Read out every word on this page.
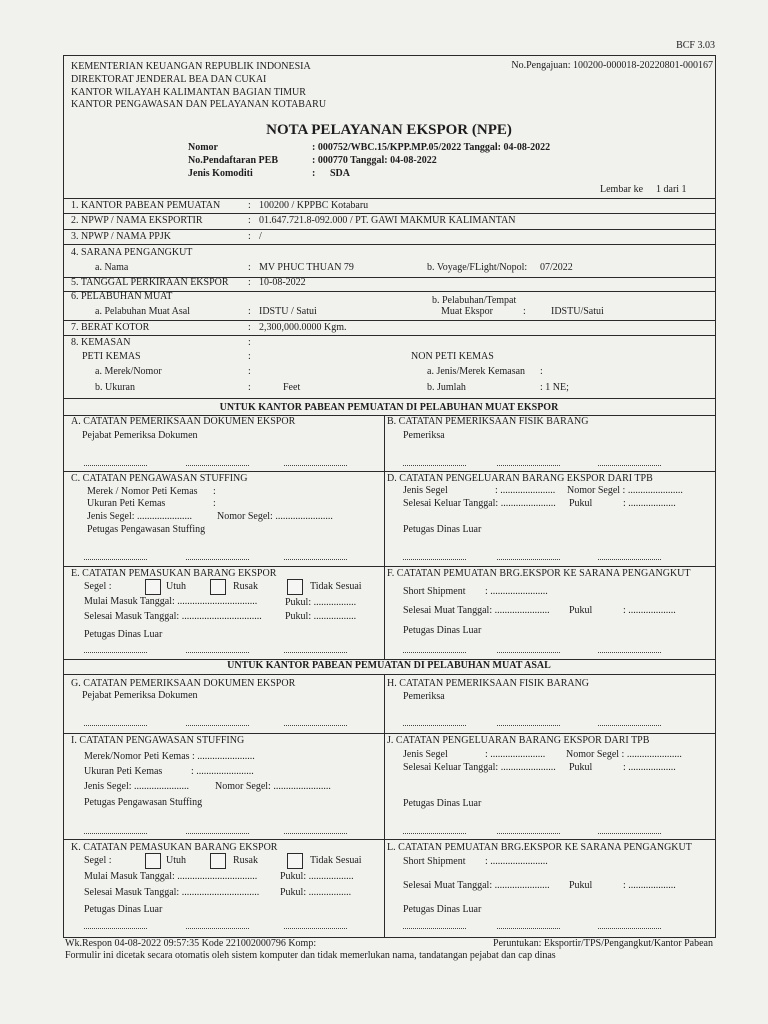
BCF 3.03
KEMENTERIAN KEUANGAN REPUBLIK INDONESIA
DIREKTORAT JENDERAL BEA DAN CUKAI
KANTOR WILAYAH KALIMANTAN BAGIAN TIMUR
KANTOR PENGAWASAN DAN PELAYANAN KOTABARU
No.Pengajuan: 100200-000018-20220801-000167
NOTA PELAYANAN EKSPOR (NPE)
Nomor	: 000752/WBC.15/KPP.MP.05/2022 Tanggal: 04-08-2022
No.Pendaftaran PEB	: 000770 Tanggal: 04-08-2022
Jenis Komoditi	: SDA
Lembar ke 1 dari 1
1. KANTOR PABEAN PEMUATAN	: 100200 / KPPBC Kotabaru
2. NPWP / NAMA EKSPORTIR	: 01.647.721.8-092.000 / PT. GAWI MAKMUR KALIMANTAN
3. NPWP / NAMA PPJK	: /
4. SARANA PENGANGKUT
a. Nama	: MV PHUC THUAN 79	b. Voyage/FLight/Nopol: 07/2022
5. TANGGAL PERKIRAAN EKSPOR : 10-08-2022
6. PELABUHAN MUAT	b. Pelabuhan/Tempat
a. Pelabuhan Muat Asal	: IDSTU / Satui	Muat Ekspor	:	IDSTU/Satui
7. BERAT KOTOR	: 2,300,000.0000 Kgm.
8. KEMASAN	:
PETI KEMAS	:	NON PETI KEMAS
a. Merek/Nomor	:	a. Jenis/Merek Kemasan :
b. Ukuran	:	Feet	b. Jumlah	: 1 NE;
UNTUK KANTOR PABEAN PEMUATAN DI PELABUHAN MUAT EKSPOR
A. CATATAN PEMERIKSAAN DOKUMEN EKSPOR
Pejabat Pemeriksa Dokumen
B. CATATAN PEMERIKSAAN FISIK BARANG
Pemeriksa
C. CATATAN PENGAWASAN STUFFING
Merek / Nomor Peti Kemas :
Ukuran Peti Kemas	:
Jenis Segel: ......................	Nomor Segel: .......................
Petugas Pengawasan Stuffing
D. CATATAN PENGELUARAN BARANG EKSPOR DARI TPB
Jenis Segel	: ...................... Nomor Segel : ......................
Selesai Keluar Tanggal: ...................... Pukul	: ...................
Petugas Dinas Luar
E. CATATAN PEMASUKAN BARANG EKSPOR
Segel :	Utuh	Rusak	Tidak Sesuai
Mulai Masuk Tanggal: ................................	Pukul: .................
Selesai Masuk Tanggal: ................................ Pukul: .................
Petugas Dinas Luar
F. CATATAN PEMUATAN BRG.EKSPOR KE SARANA PENGANGKUT
Short Shipment : .......................
Selesai Muat Tanggal: ...................... Pukul	: ...................
Petugas Dinas Luar
UNTUK KANTOR PABEAN PEMUATAN DI PELABUHAN MUAT ASAL
G. CATATAN PEMERIKSAAN DOKUMEN EKSPOR
Pejabat Pemeriksa Dokumen
H. CATATAN PEMERIKSAAN FISIK BARANG
Pemeriksa
I. CATATAN PENGAWASAN STUFFING
Merek/Nomor Peti Kemas : .......................
Ukuran Peti Kemas	: .......................
Jenis Segel: ......................	Nomor Segel: .......................
Petugas Pengawasan Stuffing
J. CATATAN PENGELUARAN BARANG EKSPOR DARI TPB
Jenis Segel	: ...................... Nomor Segel : ......................
Selesai Keluar Tanggal: ...................... Pukul	: ...................
Petugas Dinas Luar
K. CATATAN PEMASUKAN BARANG EKSPOR
Segel :	Utuh	Rusak	Tidak Sesuai
Mulai Masuk Tanggal: ................................ Pukul: ..................
Selesai Masuk Tanggal: ............................... Pukul: .................
Petugas Dinas Luar
L. CATATAN PEMUATAN BRG.EKSPOR KE SARANA PENGANGKUT
Short Shipment : .......................
Selesai Muat Tanggal: ...................... Pukul	: ...................
Petugas Dinas Luar
Wk.Respon 04-08-2022 09:57:35 Kode 221002000796 Komp:	Peruntukan: Eksportir/TPS/Pengangkut/Kantor Pabean
Formulir ini dicetak secara otomatis oleh sistem komputer dan tidak memerlukan nama, tandatangan pejabat dan cap dinas
